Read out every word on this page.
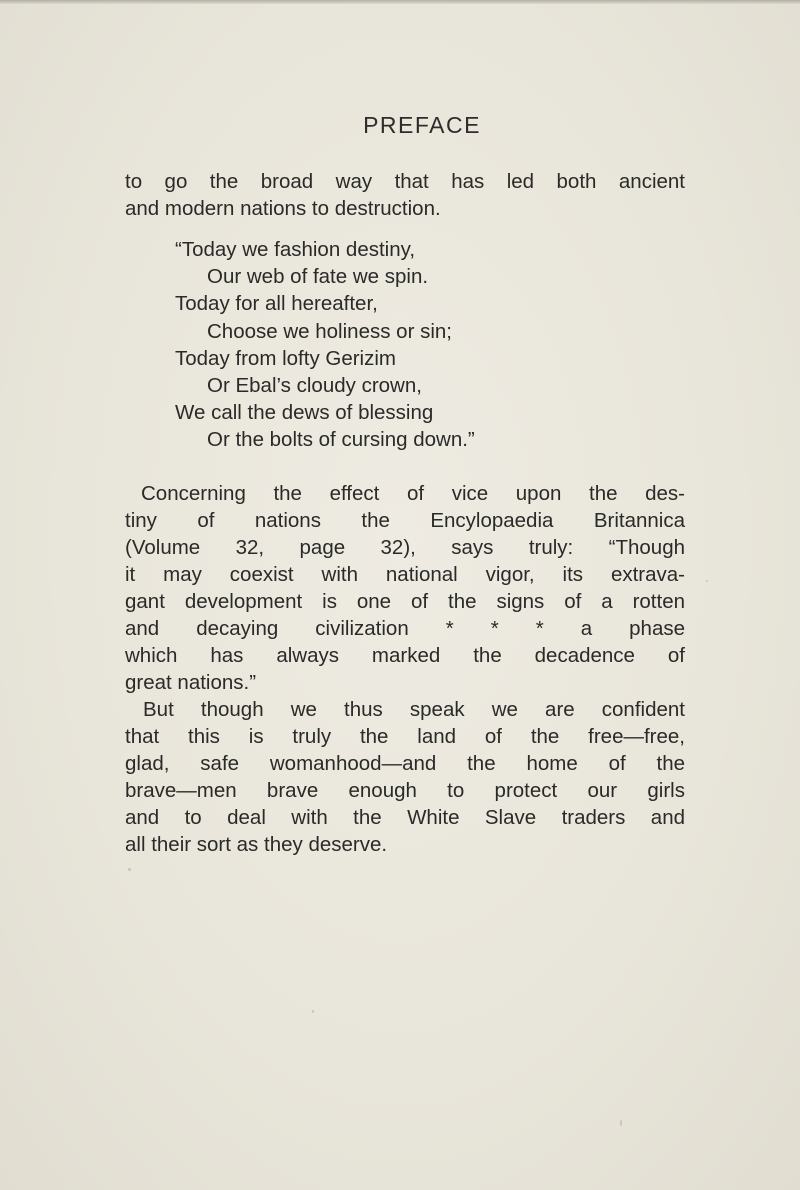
PREFACE
to go the broad way that has led both ancient
and modern nations to destruction.
“Today we fashion destiny,
Our web of fate we spin.
Today for all hereafter,
Choose we holiness or sin;
Today from lofty Gerizim
Or Ebal’s cloudy crown,
We call the dews of blessing
Or the bolts of cursing down.”
Concerning the effect of vice upon the des-
tiny of nations the Encylopaedia Britannica
(Volume 32, page 32), says truly: “Though
it may coexist with national vigor, its extrava-
gant development is one of the signs of a rotten
and decaying civilization * * * a phase
which has always marked the decadence of
great nations.”
But though we thus speak we are confident
that this is truly the land of the free—free,
glad, safe womanhood—and the home of the
brave—men brave enough to protect our girls
and to deal with the White Slave traders and
all their sort as they deserve.
